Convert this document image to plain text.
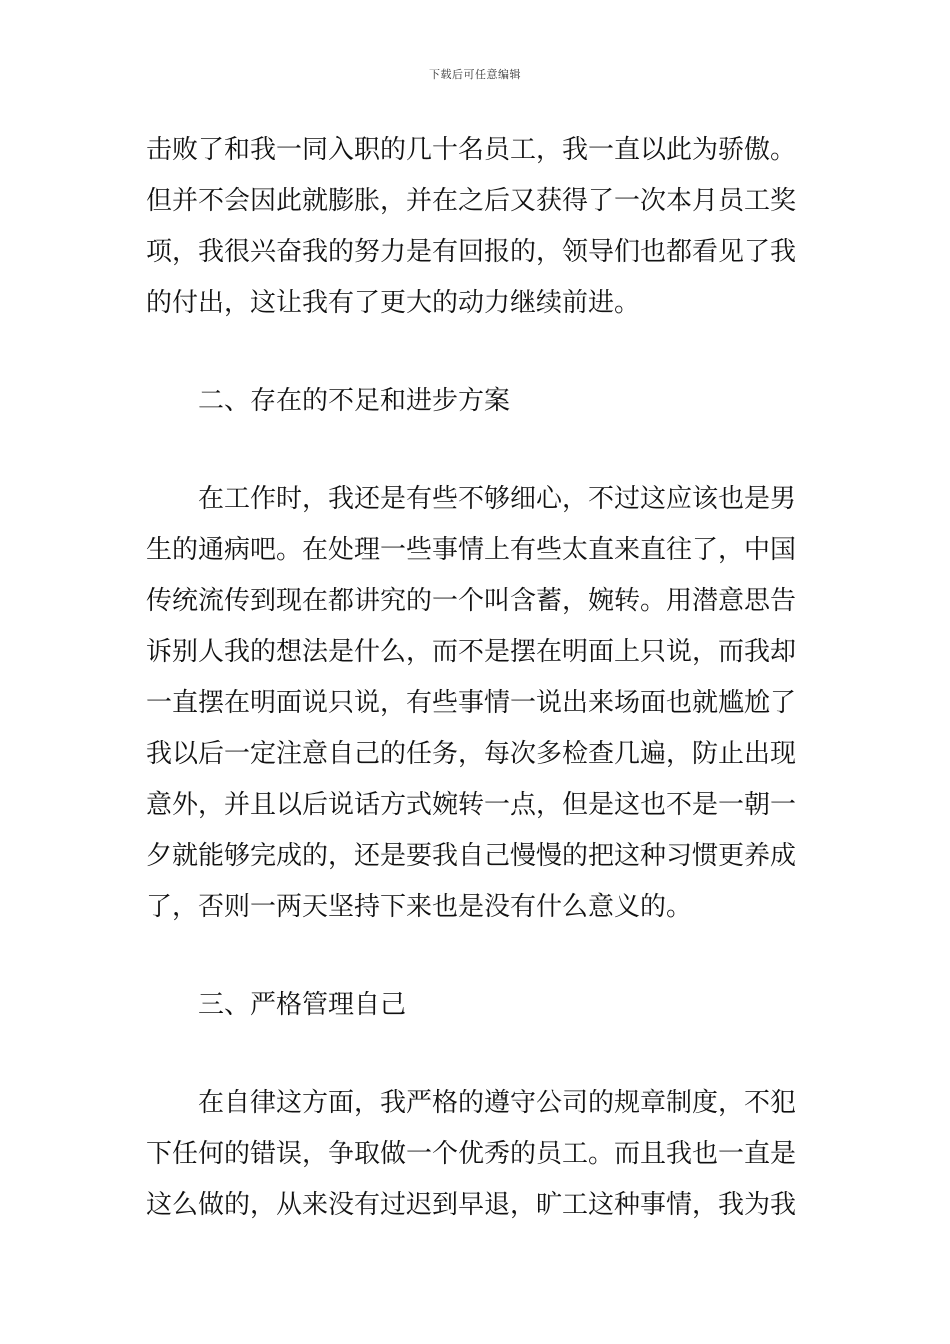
下载后可任意编辑
击败了和我一同入职的几十名员工，我一直以此为骄傲。
但并不会因此就膨胀，并在之后又获得了一次本月员工奖
项，我很兴奋我的努力是有回报的，领导们也都看见了我
的付出，这让我有了更大的动力继续前进。
二、存在的不足和进步方案
在工作时，我还是有些不够细心，不过这应该也是男
生的通病吧。在处理一些事情上有些太直来直往了，中国
传统流传到现在都讲究的一个叫含蓄，婉转。用潜意思告
诉别人我的想法是什么，而不是摆在明面上只说，而我却
一直摆在明面说只说，有些事情一说出来场面也就尴尬了
我以后一定注意自己的任务，每次多检查几遍，防止出现
意外，并且以后说话方式婉转一点，但是这也不是一朝一
夕就能够完成的，还是要我自己慢慢的把这种习惯更养成
了，否则一两天坚持下来也是没有什么意义的。
三、严格管理自己
在自律这方面，我严格的遵守公司的规章制度，不犯
下任何的错误，争取做一个优秀的员工。而且我也一直是
这么做的，从来没有过迟到早退，旷工这种事情，我为我
